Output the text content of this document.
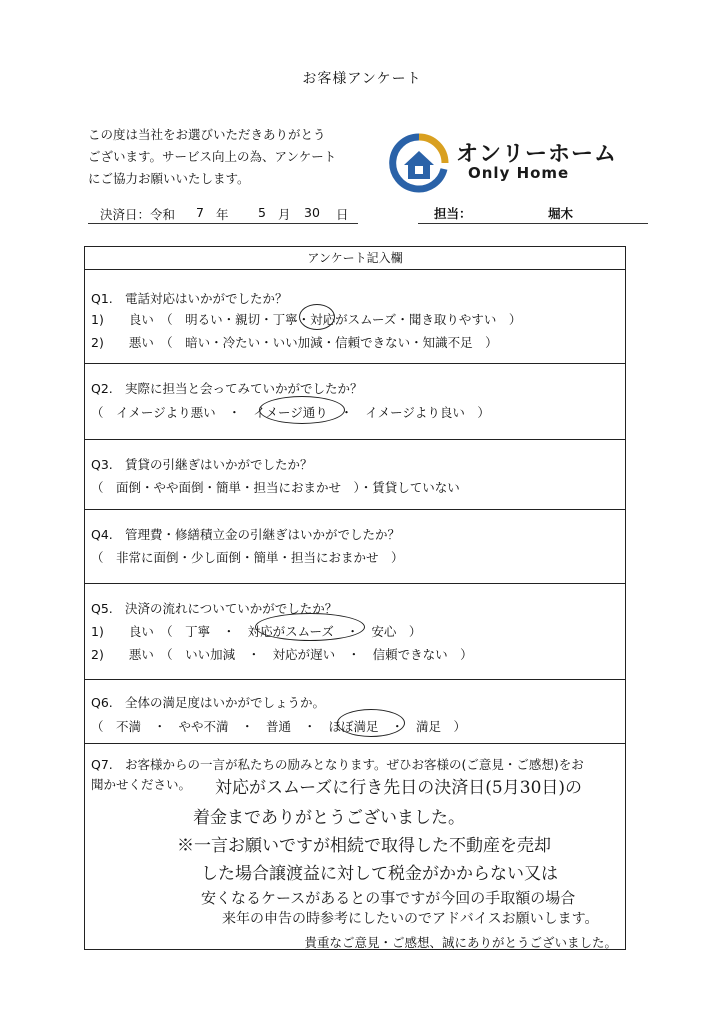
お客様アンケート
この度は当社をお選びいただきありがとう
ございます。サービス向上の為、アンケート
にご協力お願いいたします。
オンリーホーム
Only Home
決済日：令和 7 年 5 月 30 日	担当：	堀木
アンケート記入欄
Q1. 電話対応はいかがでしたか？
1)　　良い　（　明るい・親切・丁寧・対応がスムーズ・聞き取りやすい　）
2)　　悪い　（　暗い・冷たい・いい加減・信頼できない・知識不足　）
Q2. 実際に担当と会ってみていかがでしたか？
（　イメージより悪い　・　イメージ通り　・　イメージより良い　）
Q3. 賃貸の引継ぎはいかがでしたか？
（　面倒・やや面倒・簡単・担当におまかせ　）・賃貸していない
Q4. 管理費・修繕積立金の引継ぎはいかがでしたか？
（　非常に面倒・少し面倒・簡単・担当におまかせ　）
Q5. 決済の流れについていかがでしたか？
1)　　良い　（　丁寧　・　対応がスムーズ　・　安心　）
2)　　悪い　（　いい加減　・　対応が遅い　・　信頼できない　）
Q6. 全体の満足度はいかがでしょうか。
（　不満　・　やや不満　・　普通　・　ほぼ満足　・　満足　）
Q7. お客様からの一言が私たちの励みとなります。ぜひお客様の(ご意見・ご感想)をお
聞かせください。 対応がスムーズに行き先日の決済日(5月30日)の
着金までありがとうございました。
※一言お願いですが相続で取得した不動産を売却
した場合譲渡益に対して税金がかからない又は
安くなるケースがあるとの事ですが今回の手取額の場合
貴重なご意見・ご感想、誠にありがとうございました。
来年の申告の時参考にしたいのでアドバイスお願いします。
